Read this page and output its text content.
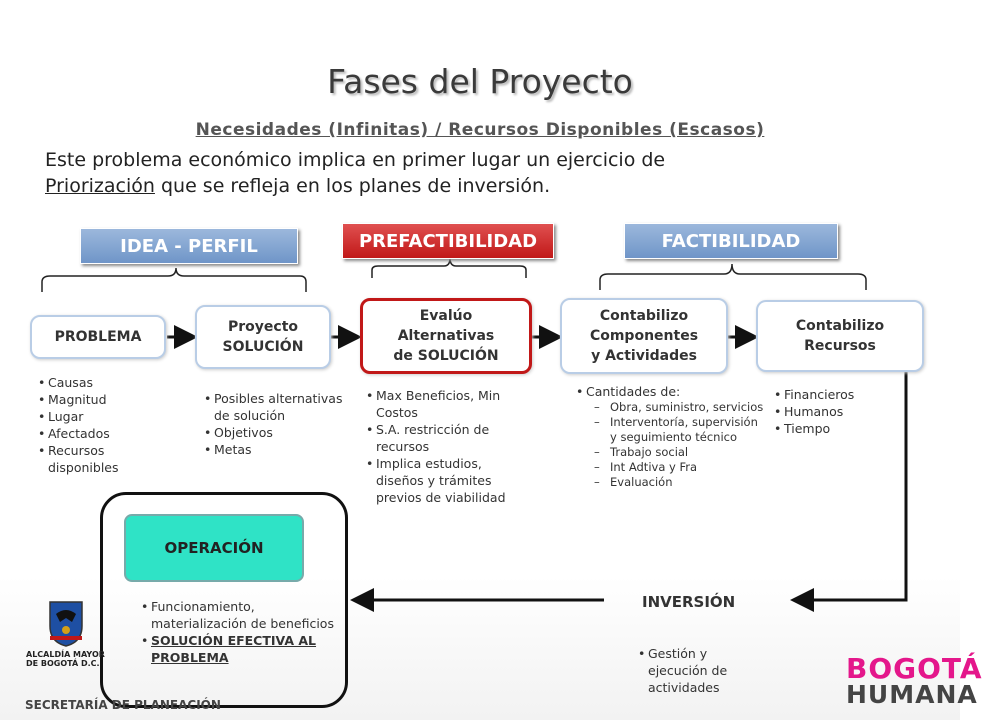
Fases del Proyecto
Necesidades (Infinitas) / Recursos Disponibles (Escasos)
Este problema económico implica en primer lugar un ejercicio de
Priorización que se refleja en los planes de inversión.
IDEA - PERFIL	PREFACTIBILIDAD	FACTIBILIDAD
PROBLEMA
Proyecto
SOLUCIÓN
Evalúo
Alternativas
de SOLUCIÓN
Contabilizo
Componentes
y Actividades
Contabilizo
Recursos
• Causas
• Magnitud
• Lugar
• Afectados
• Recursos disponibles
• Posibles alternativas de solución
• Objetivos
• Metas
• Max Beneficios, Min Costos
• S.A. restricción de recursos
• Implica estudios, diseños y trámites previos de viabilidad
• Cantidades de:
– Obra, suministro, servicios
– Interventoría, supervisión y seguimiento técnico
– Trabajo social
– Int Adtiva y Fra
– Evaluación
• Financieros
• Humanos
• Tiempo
OPERACIÓN
• Funcionamiento, materialización de beneficios
• SOLUCIÓN EFECTIVA AL PROBLEMA
INVERSIÓN
• Gestión y ejecución de actividades
ALCALDÍA MAYOR
DE BOGOTÁ D.C.
SECRETARÍA DE PLANEACIÓN
BOGOTÁ
HUMANA
